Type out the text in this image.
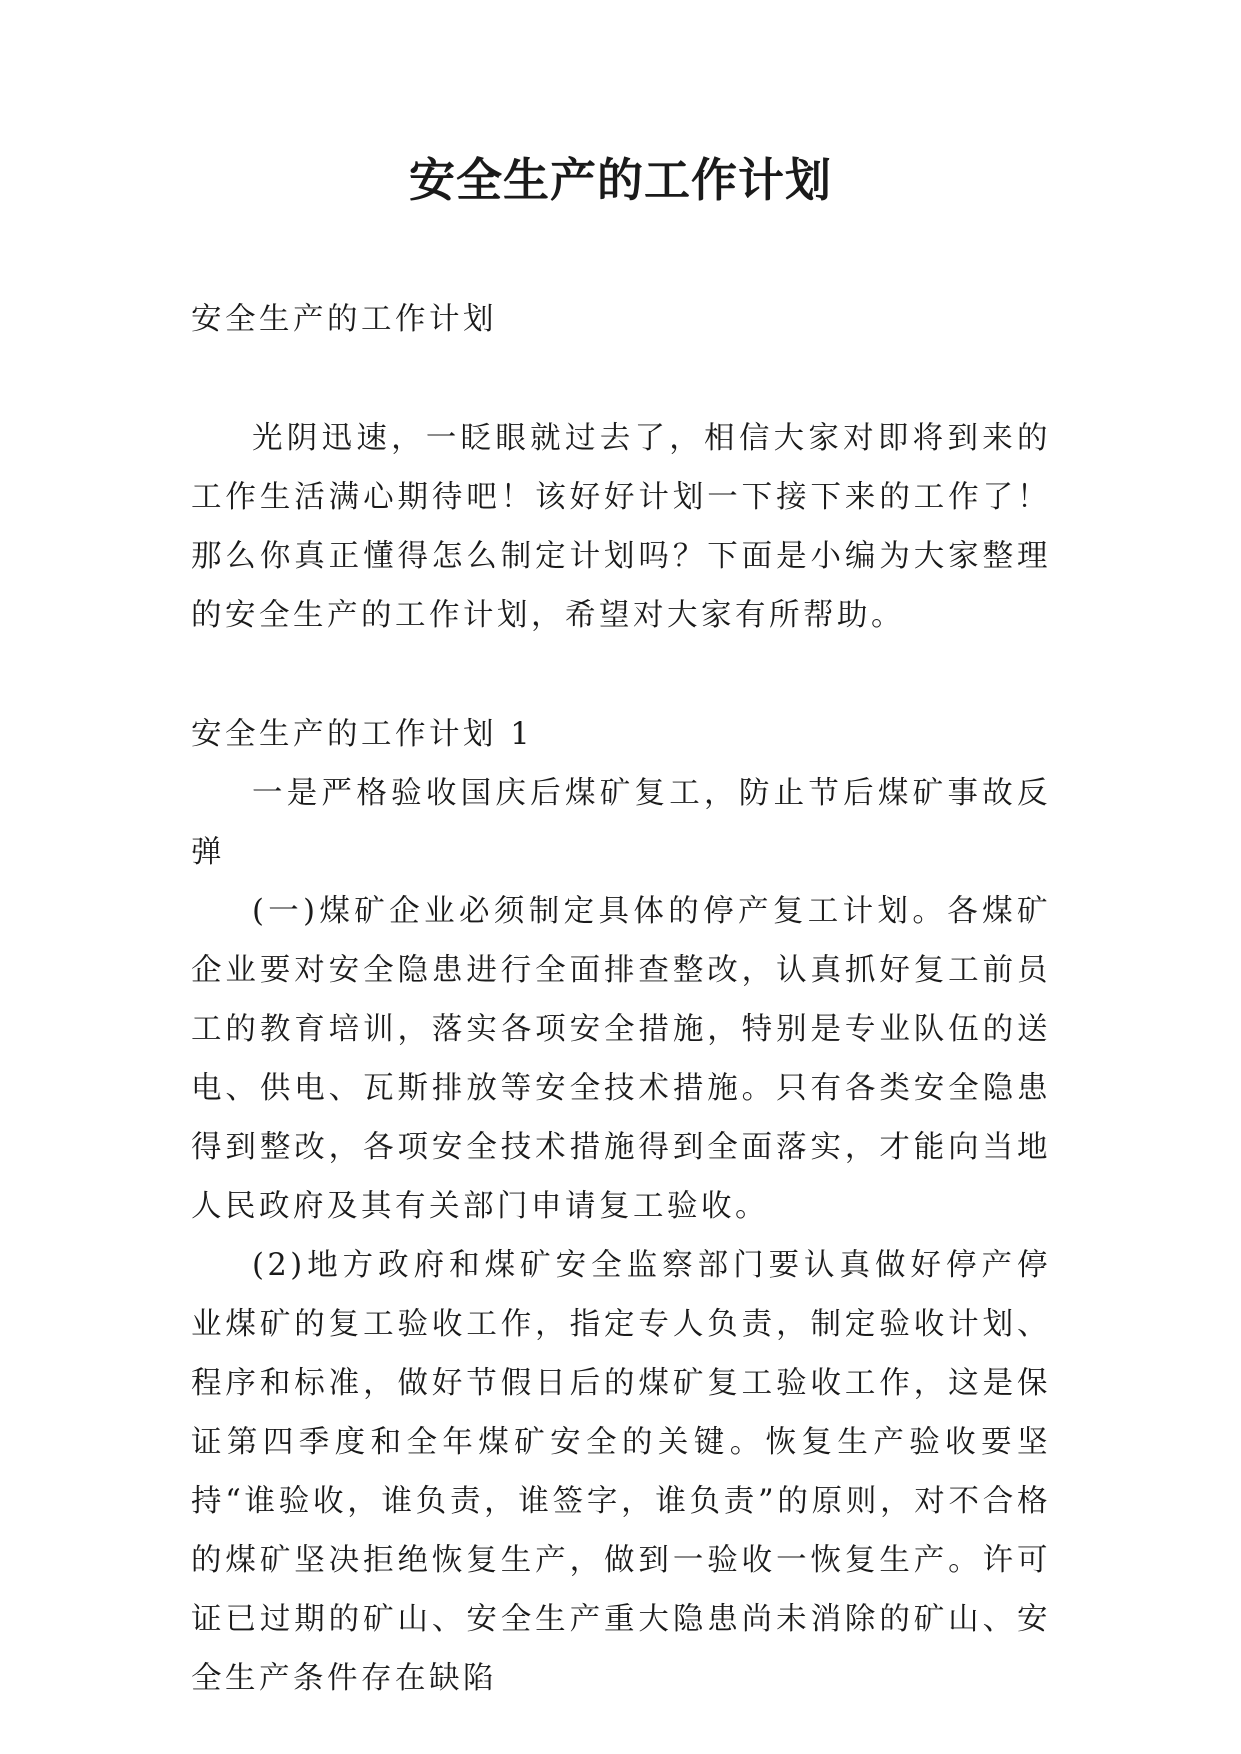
安全生产的工作计划

安全生产的工作计划

光阴迅速，一眨眼就过去了，相信大家对即将到来的工作生活满心期待吧！该好好计划一下接下来的工作了！那么你真正懂得怎么制定计划吗？下面是小编为大家整理的安全生产的工作计划，希望对大家有所帮助。

安全生产的工作计划 1

一是严格验收国庆后煤矿复工，防止节后煤矿事故反弹

(一)煤矿企业必须制定具体的停产复工计划。各煤矿企业要对安全隐患进行全面排查整改，认真抓好复工前员工的教育培训，落实各项安全措施，特别是专业队伍的送电、供电、瓦斯排放等安全技术措施。只有各类安全隐患得到整改，各项安全技术措施得到全面落实，才能向当地人民政府及其有关部门申请复工验收。

(2)地方政府和煤矿安全监察部门要认真做好停产停业煤矿的复工验收工作，指定专人负责，制定验收计划、程序和标准，做好节假日后的煤矿复工验收工作，这是保证第四季度和全年煤矿安全的关键。恢复生产验收要坚持“谁验收，谁负责，谁签字，谁负责”的原则，对不合格的煤矿坚决拒绝恢复生产，做到一验收一恢复生产。许可证已过期的矿山、安全生产重大隐患尚未消除的矿山、安全生产条件存在缺陷
